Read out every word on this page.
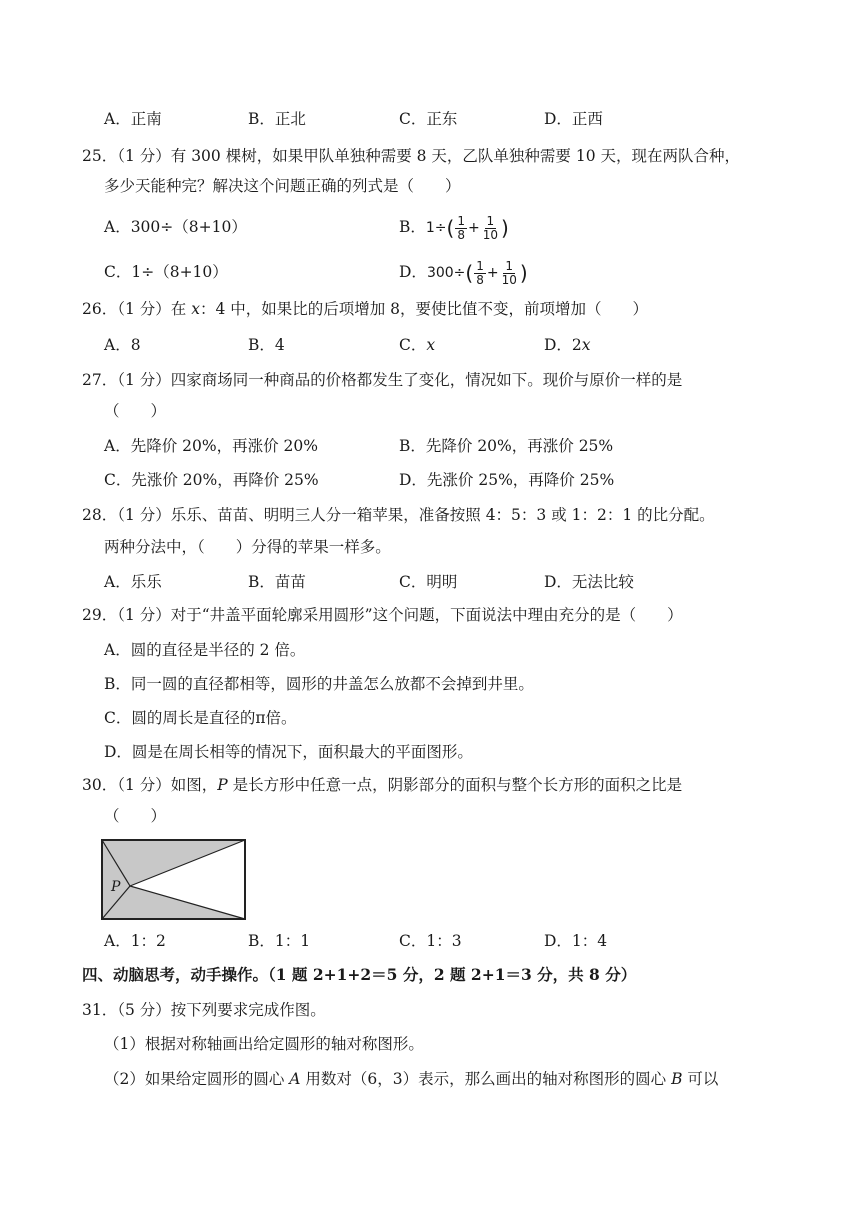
A．正南	B．正北	C．正东	D．正西
25．（1 分）有 300 棵树，如果甲队单独种需要 8 天，乙队单独种需要 10 天，现在两队合种，
多少天能种完？解决这个问题正确的列式是（　　）
A．300÷（8+10）	B．$1\div( \frac{1}{8} + \frac{1}{10}$ )
C．1÷（8+10）	D．$300\div( \frac{1}{8} + \frac{1}{10}$ )
26．（1 分）在 x：4 中，如果比的后项增加 8，要使比值不变，前项增加（　　）
A．8	B．4	C．x	D．2x
27．（1 分）四家商场同一种商品的价格都发生了变化，情况如下。现价与原价一样的是
（　　）
A．先降价 20%，再涨价 20%	B．先降价 20%，再涨价 25%
C．先涨价 20%，再降价 25%	D．先涨价 25%，再降价 25%
28．（1 分）乐乐、苗苗、明明三人分一箱苹果，准备按照 4：5：3 或 1：2：1 的比分配。
两种分法中，（　　）分得的苹果一样多。
A．乐乐	B．苗苗	C．明明	D．无法比较
29．（1 分）对于“井盖平面轮廓采用圆形”这个问题，下面说法中理由充分的是（　　）
A．圆的直径是半径的 2 倍。
B．同一圆的直径都相等，圆形的井盖怎么放都不会掉到井里。
C．圆的周长是直径的π倍。
D．圆是在周长相等的情况下，面积最大的平面图形。
30．（1 分）如图，P 是长方形中任意一点，阴影部分的面积与整个长方形的面积之比是
（　　）
P
A．1：2	B．1：1	C．1：3	D．1：4
四、动脑思考，动手操作。（1 题 2+1+2＝5 分，2 题 2+1＝3 分，共 8 分）
31．（5 分）按下列要求完成作图。
（1）根据对称轴画出给定圆形的轴对称图形。
（2）如果给定圆形的圆心 A 用数对（6，3）表示，那么画出的轴对称图形的圆心 B 可以
